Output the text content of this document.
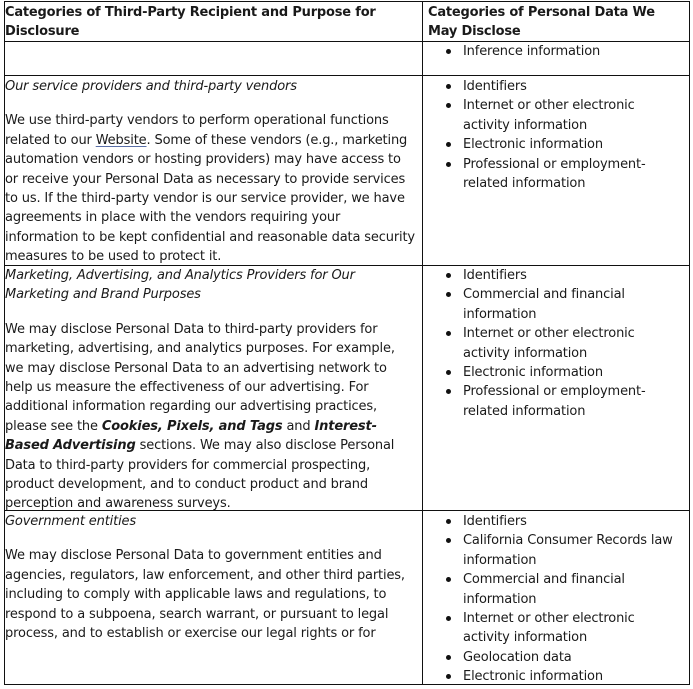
Categories of Third-Party Recipient and Purpose for Disclosure
Categories of Personal Data We May Disclose
Inference information
Our service providers and third-party vendors
We use third-party vendors to perform operational functions related to our Website. Some of these vendors (e.g., marketing automation vendors or hosting providers) may have access to or receive your Personal Data as necessary to provide services to us. If the third-party vendor is our service provider, we have agreements in place with the vendors requiring your information to be kept confidential and reasonable data security measures to be used to protect it.
Identifiers
Internet or other electronic activity information
Electronic information
Professional or employment-related information
Marketing, Advertising, and Analytics Providers for Our Marketing and Brand Purposes
We may disclose Personal Data to third-party providers for marketing, advertising, and analytics purposes. For example, we may disclose Personal Data to an advertising network to help us measure the effectiveness of our advertising. For additional information regarding our advertising practices, please see the Cookies, Pixels, and Tags and Interest-Based Advertising sections. We may also disclose Personal Data to third-party providers for commercial prospecting, product development, and to conduct product and brand perception and awareness surveys.
Identifiers
Commercial and financial information
Internet or other electronic activity information
Electronic information
Professional or employment-related information
Government entities
We may disclose Personal Data to government entities and agencies, regulators, law enforcement, and other third parties, including to comply with applicable laws and regulations, to respond to a subpoena, search warrant, or pursuant to legal process, and to establish or exercise our legal rights or for
Identifiers
California Consumer Records law information
Commercial and financial information
Internet or other electronic activity information
Geolocation data
Electronic information
